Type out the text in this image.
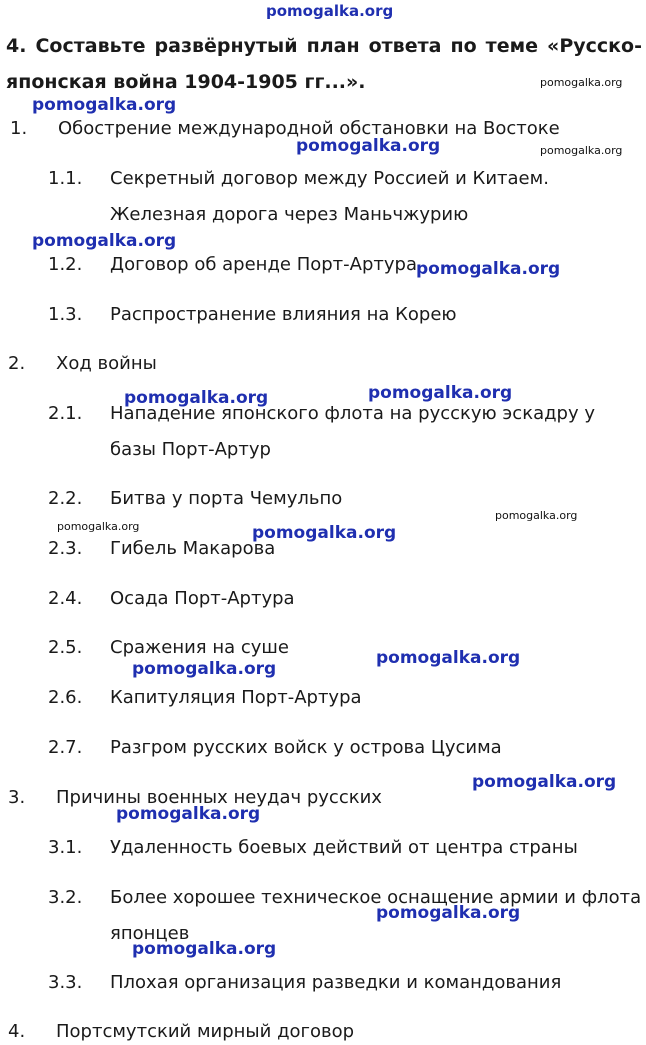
4. Составьте развёрнутый план ответа по теме «Русско-

японская война 1904-1905 гг...».

1. Обострение международной обстановки на Востоке
1.1. Секретный договор между Россией и Китаем. Железная дорога через Маньчжурию
1.2. Договор об аренде Порт-Артура
1.3. Распространение влияния на Корею
2. Ход войны
2.1. Нападение японского флота на русскую эскадру у базы Порт-Артур
2.2. Битва у порта Чемульпо
2.3. Гибель Макарова
2.4. Осада Порт-Артура
2.5. Сражения на суше
2.6. Капитуляция Порт-Артура
2.7. Разгром русских войск у острова Цусима
3. Причины военных неудач русских
3.1. Удаленность боевых действий от центра страны
3.2. Более хорошее техническое оснащение армии и флота японцев
3.3. Плохая организация разведки и командования
4. Портсмутский мирный договор
pomogalka.org
pomogalka.org
pomogalka.org
pomogalka.org	pomogalka.org
pomogalka.org
pomogalka.org
pomogalka.org	pomogalka.org
pomogalka.org
pomogalka.org	pomogalka.org
pomogalka.org
pomogalka.org
pomogalka.org
pomogalka.org
pomogalka.org
pomogalka.org
